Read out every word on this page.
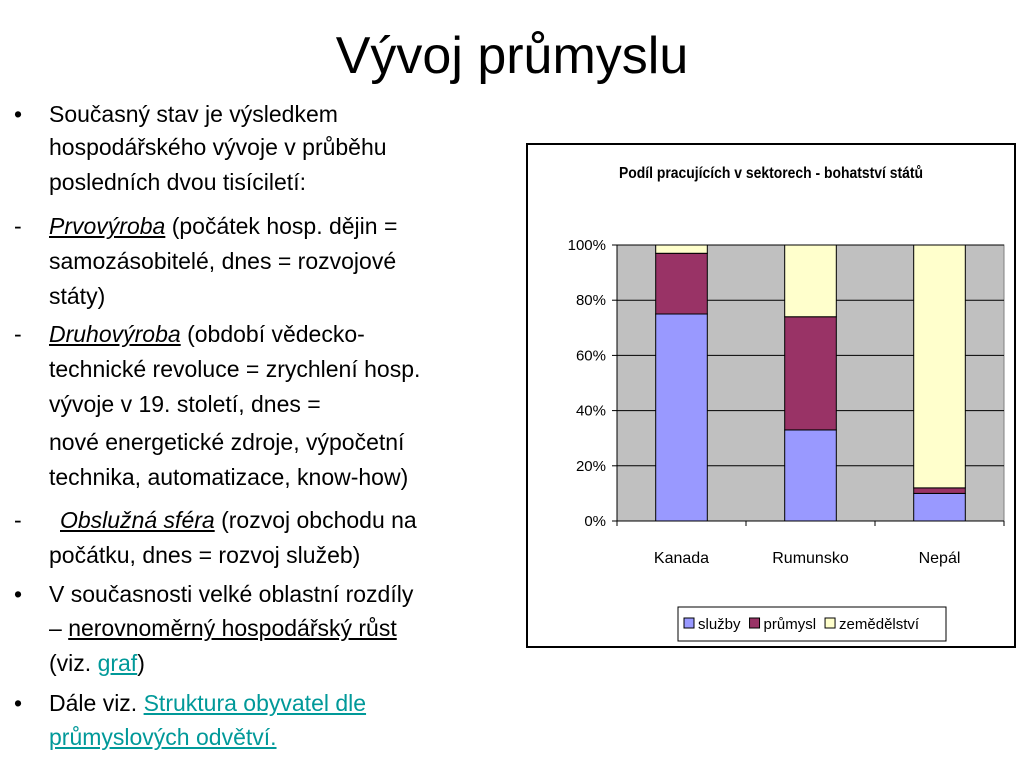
Vývoj průmyslu
• Současný stav je výsledkem
hospodářského vývoje v průběhu
posledních dvou tisíciletí:
- Prvovýroba (počátek hosp. dějin =
samozásobitelé, dnes = rozvojové
státy)
- Druhovýroba (období vědecko-
technické revoluce = zrychlení hosp.
vývoje v 19. století, dnes =
nové energetické zdroje, výpočetní
technika, automatizace, know-how)
- Obslužná sféra (rozvoj obchodu na
počátku, dnes = rozvoj služeb)
• V současnosti velké oblastní rozdíly
– nerovnoměrný hospodářský růst
(viz. graf)
• Dále viz. Struktura obyvatel dle
průmyslových odvětví.
Podíl pracujících v sektorech - bohatství států
0%
20%
40%
60%
80%
100%
Kanada	Rumunsko	Nepál
služby průmysl zemědělství
